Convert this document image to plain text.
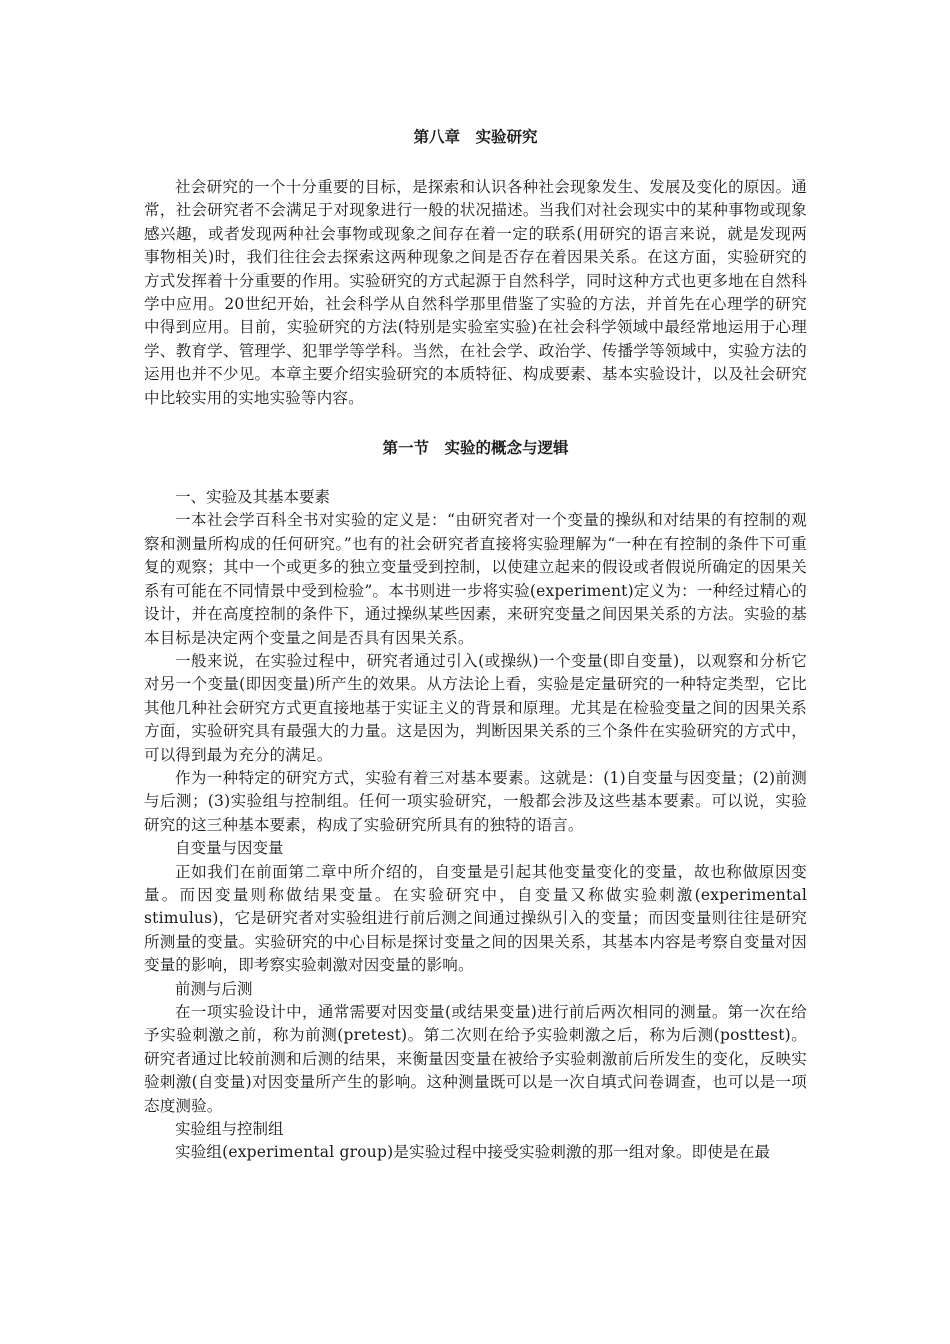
第八章　实验研究

社会研究的一个十分重要的目标，是探索和认识各种社会现象发生、发展及变化的原因。通常，社会研究者不会满足于对现象进行一般的状况描述。当我们对社会现实中的某种事物或现象感兴趣，或者发现两种社会事物或现象之间存在着一定的联系(用研究的语言来说，就是发现两事物相关)时，我们往往会去探索这两种现象之间是否存在着因果关系。在这方面，实验研究的方式发挥着十分重要的作用。实验研究的方式起源于自然科学，同时这种方式也更多地在自然科学中应用。20世纪开始，社会科学从自然科学那里借鉴了实验的方法，并首先在心理学的研究中得到应用。目前，实验研究的方法(特别是实验室实验)在社会科学领域中最经常地运用于心理学、教育学、管理学、犯罪学等学科。当然，在社会学、政治学、传播学等领域中，实验方法的运用也并不少见。本章主要介绍实验研究的本质特征、构成要素、基本实验设计，以及社会研究中比较实用的实地实验等内容。

第一节　实验的概念与逻辑
一、实验及其基本要素

一本社会学百科全书对实验的定义是：“由研究者对一个变量的操纵和对结果的有控制的观察和测量所构成的任何研究。”也有的社会研究者直接将实验理解为“一种在有控制的条件下可重复的观察；其中一个或更多的独立变量受到控制，以使建立起来的假设或者假说所确定的因果关系有可能在不同情景中受到检验”。本书则进一步将实验(experiment)定义为：一种经过精心的设计，并在高度控制的条件下，通过操纵某些因素，来研究变量之间因果关系的方法。实验的基本目标是决定两个变量之间是否具有因果关系。

一般来说，在实验过程中，研究者通过引入(或操纵)一个变量(即自变量)，以观察和分析它对另一个变量(即因变量)所产生的效果。从方法论上看，实验是定量研究的一种特定类型，它比其他几种社会研究方式更直接地基于实证主义的背景和原理。尤其是在检验变量之间的因果关系方面，实验研究具有最强大的力量。这是因为，判断因果关系的三个条件在实验研究的方式中，可以得到最为充分的满足。

作为一种特定的研究方式，实验有着三对基本要素。这就是：(1)自变量与因变量；(2)前测与后测；(3)实验组与控制组。任何一项实验研究，一般都会涉及这些基本要素。可以说，实验研究的这三种基本要素，构成了实验研究所具有的独特的语言。

自变量与因变量

正如我们在前面第二章中所介绍的，自变量是引起其他变量变化的变量，故也称做原因变量。而因变量则称做结果变量。在实验研究中，自变量又称做实验刺激(experimental stimulus)，它是研究者对实验组进行前后测之间通过操纵引入的变量；而因变量则往往是研究所测量的变量。实验研究的中心目标是探讨变量之间的因果关系，其基本内容是考察自变量对因变量的影响，即考察实验刺激对因变量的影响。

前测与后测

在一项实验设计中，通常需要对因变量(或结果变量)进行前后两次相同的测量。第一次在给予实验刺激之前，称为前测(pretest)。第二次则在给予实验刺激之后，称为后测(posttest)。研究者通过比较前测和后测的结果，来衡量因变量在被给予实验刺激前后所发生的变化，反映实验刺激(自变量)对因变量所产生的影响。这种测量既可以是一次自填式问卷调查，也可以是一项态度测验。

实验组与控制组

实验组(experimental group)是实验过程中接受实验刺激的那一组对象。即使是在最
